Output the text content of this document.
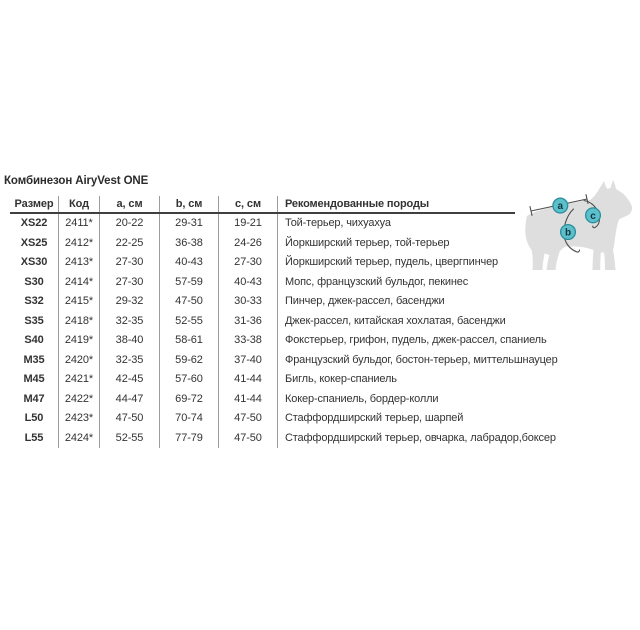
Комбинезон AiryVest ONE
Размер	Код	a, см	b, см	c, см	Рекомендованные породы
XS22	2411*	20-22	29-31	19-21	Той-терьер, чихуахуа
XS25	2412*	22-25	36-38	24-26	Йоркширский терьер, той-терьер
XS30	2413*	27-30	40-43	27-30	Йоркширский терьер, пудель, цвергпинчер
S30	2414*	27-30	57-59	40-43	Мопс, французский бульдог, пекинес
S32	2415*	29-32	47-50	30-33	Пинчер, джек-рассел, басенджи
S35	2418*	32-35	52-55	31-36	Джек-рассел, китайская хохлатая, басенджи
S40	2419*	38-40	58-61	33-38	Фокстерьер, грифон, пудель, джек-рассел, спаниель
M35	2420*	32-35	59-62	37-40	Французский бульдог, бостон-терьер, миттельшнауцер
M45	2421*	42-45	57-60	41-44	Бигль, кокер-спаниель
M47	2422*	44-47	69-72	41-44	Кокер-спаниель, бордер-колли
L50	2423*	47-50	70-74	47-50	Стаффордширский терьер, шарпей
L55	2424*	52-55	77-79	47-50	Стаффордширский терьер, овчарка, лабрадор,боксер
a
b
c
